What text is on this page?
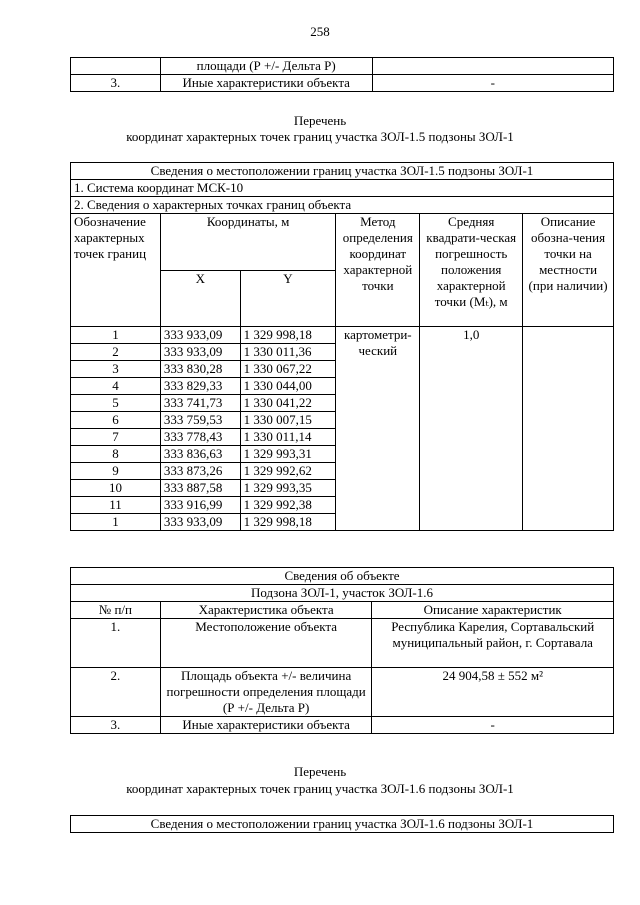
258
	площади (Р +/- Дельта Р)	
3.	Иные характеристики объекта	-
Перечень
координат характерных точек границ участка ЗОЛ-1.5 подзоны ЗОЛ-1
Сведения о местоположении границ участка ЗОЛ-1.5 подзоны ЗОЛ-1					
1. Система координат МСК-10					
2. Сведения о характерных точках границ объекта					
Обозначение характерных точек границ	Координаты, м		Метод определения координат характерной точки	Средняя квадрати-ческая погрешность положения характерной точки (Mₜ), м	Описание обозна-чения точки на местности (при наличии)
	X	Y			
1	333 933,09	1 329 998,18	картометри-ческий	1,0	
2	333 933,09	1 330 011,36			
3	333 830,28	1 330 067,22			
4	333 829,33	1 330 044,00			
5	333 741,73	1 330 041,22			
6	333 759,53	1 330 007,15			
7	333 778,43	1 330 011,14			
8	333 836,63	1 329 993,31			
9	333 873,26	1 329 992,62			
10	333 887,58	1 329 993,35			
11	333 916,99	1 329 992,38			
1	333 933,09	1 329 998,18			
Сведения об объекте		
Подзона ЗОЛ-1, участок ЗОЛ-1.6		
№ п/п	Характеристика объекта	Описание характеристик
1.	Местоположение объекта	Республика Карелия, Сортавальский муниципальный район, г. Сортавала
2.	Площадь объекта +/- величина погрешности определения площади (Р +/- Дельта Р)	24 904,58 ± 552 м²
3.	Иные характеристики объекта	-
Перечень
координат характерных точек границ участка ЗОЛ-1.6 подзоны ЗОЛ-1
Сведения о местоположении границ участка ЗОЛ-1.6 подзоны ЗОЛ-1
